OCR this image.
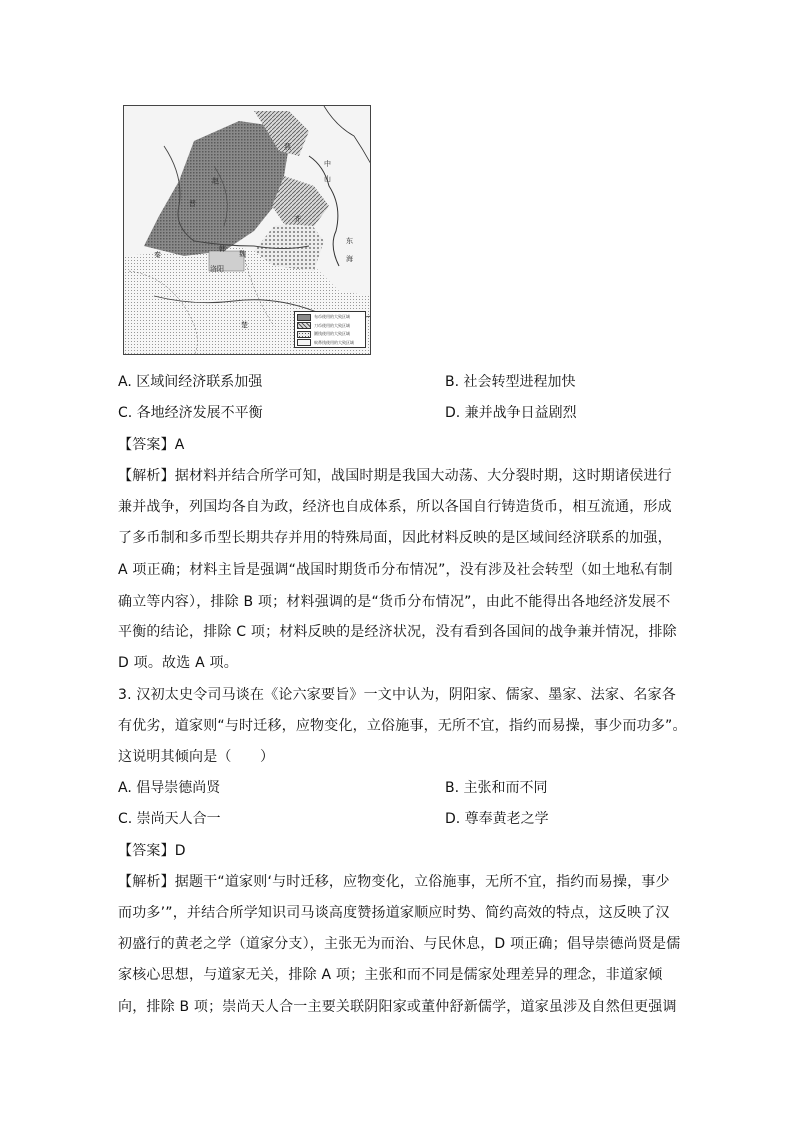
燕
赵
齐
韩
魏
东
海
楚
秦
洛阳
晋
中
山
布币使用的大致区域
刀币使用的大致区域
圜钱使用的大致区域
蚁鼻钱使用的大致区域
A. 区域间经济联系加强	B. 社会转型进程加快
C. 各地经济发展不平衡	D. 兼并战争日益剧烈
【答案】A
【解析】据材料并结合所学可知，战国时期是我国大动荡、大分裂时期，这时期诸侯进行
兼并战争，列国均各自为政，经济也自成体系，所以各国自行铸造货币，相互流通，形成
了多币制和多币型长期共存并用的特殊局面，因此材料反映的是区域间经济联系的加强，
A 项正确；材料主旨是强调“战国时期货币分布情况”，没有涉及社会转型（如土地私有制
确立等内容），排除 B 项；材料强调的是“货币分布情况”，由此不能得出各地经济发展不
平衡的结论，排除 C 项；材料反映的是经济状况，没有看到各国间的战争兼并情况，排除
D 项。故选 A 项。
3. 汉初太史令司马谈在《论六家要旨》一文中认为，阴阳家、儒家、墨家、法家、名家各
有优劣，道家则“与时迁移，应物变化，立俗施事，无所不宜，指约而易操，事少而功多”。
这说明其倾向是（　　）
A. 倡导崇德尚贤	B. 主张和而不同
C. 崇尚天人合一	D. 尊奉黄老之学
【答案】D
【解析】据题干“道家则‘与时迁移，应物变化，立俗施事，无所不宜，指约而易操，事少
而功多’”，并结合所学知识司马谈高度赞扬道家顺应时势、简约高效的特点，这反映了汉
初盛行的黄老之学（道家分支），主张无为而治、与民休息，D 项正确；倡导崇德尚贤是儒
家核心思想，与道家无关，排除 A 项；主张和而不同是儒家处理差异的理念，非道家倾
向，排除 B 项；崇尚天人合一主要关联阴阳家或董仲舒新儒学，道家虽涉及自然但更强调
